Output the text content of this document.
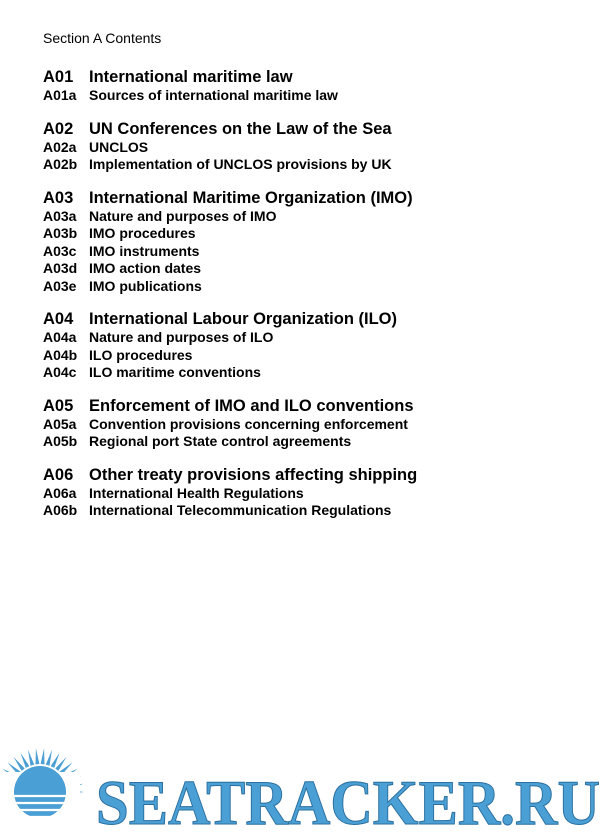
Section A Contents
A01 International maritime law
A01a Sources of international maritime law
A02 UN Conferences on the Law of the Sea
A02a UNCLOS
A02b Implementation of UNCLOS provisions by UK
A03 International Maritime Organization (IMO)
A03a Nature and purposes of IMO
A03b IMO procedures
A03c IMO instruments
A03d IMO action dates
A03e IMO publications
A04 International Labour Organization (ILO)
A04a Nature and purposes of ILO
A04b ILO procedures
A04c ILO maritime conventions
A05 Enforcement of IMO and ILO conventions
A05a Convention provisions concerning enforcement
A05b Regional port State control agreements
A06 Other treaty provisions affecting shipping
A06a International Health Regulations
A06b International Telecommunication Regulations
SEATRACKER.RU
